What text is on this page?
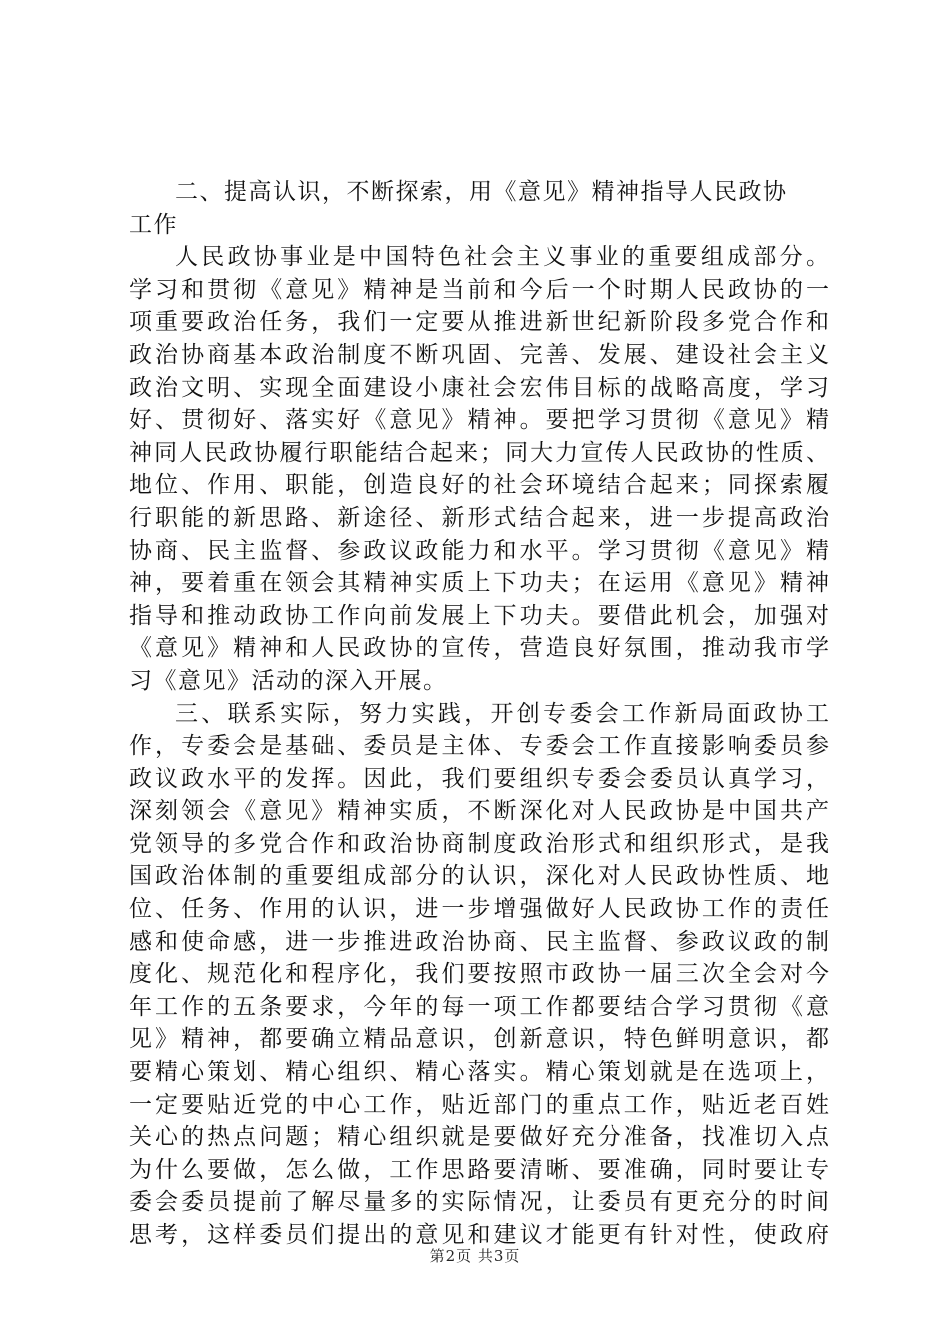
二、提高认识，不断探索，用《意见》精神指导人民政协
工作
人民政协事业是中国特色社会主义事业的重要组成部分。
学习和贯彻《意见》精神是当前和今后一个时期人民政协的一
项重要政治任务，我们一定要从推进新世纪新阶段多党合作和
政治协商基本政治制度不断巩固、完善、发展、建设社会主义
政治文明、实现全面建设小康社会宏伟目标的战略高度，学习
好、贯彻好、落实好《意见》精神。要把学习贯彻《意见》精
神同人民政协履行职能结合起来；同大力宣传人民政协的性质、
地位、作用、职能，创造良好的社会环境结合起来；同探索履
行职能的新思路、新途径、新形式结合起来，进一步提高政治
协商、民主监督、参政议政能力和水平。学习贯彻《意见》精
神，要着重在领会其精神实质上下功夫；在运用《意见》精神
指导和推动政协工作向前发展上下功夫。要借此机会，加强对
《意见》精神和人民政协的宣传，营造良好氛围，推动我市学
习《意见》活动的深入开展。
三、联系实际，努力实践，开创专委会工作新局面政协工
作，专委会是基础、委员是主体、专委会工作直接影响委员参
政议政水平的发挥。因此，我们要组织专委会委员认真学习，
深刻领会《意见》精神实质，不断深化对人民政协是中国共产
党领导的多党合作和政治协商制度政治形式和组织形式，是我
国政治体制的重要组成部分的认识，深化对人民政协性质、地
位、任务、作用的认识，进一步增强做好人民政协工作的责任
感和使命感，进一步推进政治协商、民主监督、参政议政的制
度化、规范化和程序化，我们要按照市政协一届三次全会对今
年工作的五条要求，今年的每一项工作都要结合学习贯彻《意
见》精神，都要确立精品意识，创新意识，特色鲜明意识，都
要精心策划、精心组织、精心落实。精心策划就是在选项上，
一定要贴近党的中心工作，贴近部门的重点工作，贴近老百姓
关心的热点问题；精心组织就是要做好充分准备，找准切入点
为什么要做，怎么做，工作思路要清晰、要准确，同时要让专
委会委员提前了解尽量多的实际情况，让委员有更充分的时间
思考，这样委员们提出的意见和建议才能更有针对性，使政府
第2页 共3页
